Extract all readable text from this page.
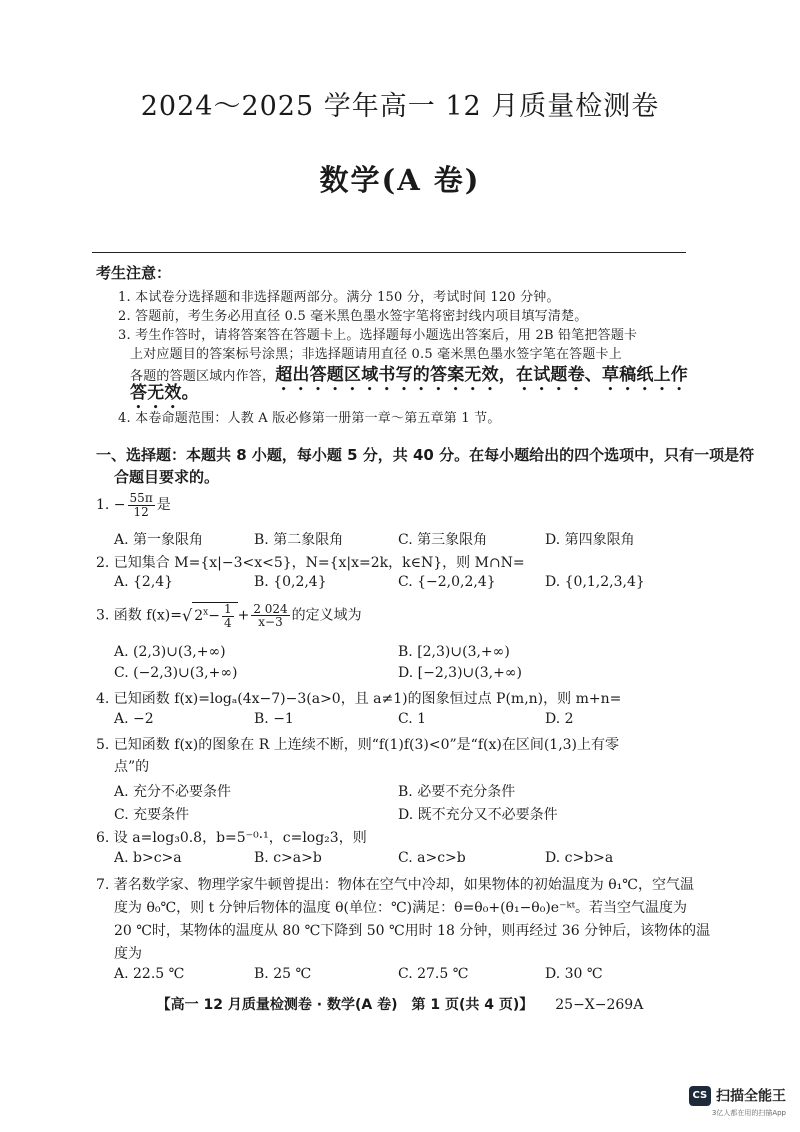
2024～2025 学年高一 12 月质量检测卷
数学(A 卷)
考生注意：
1. 本试卷分选择题和非选择题两部分。满分 150 分，考试时间 120 分钟。
2. 答题前，考生务必用直径 0.5 毫米黑色墨水签字笔将密封线内项目填写清楚。
3. 考生作答时，请将答案答在答题卡上。选择题每小题选出答案后，用 2B 铅笔把答题卡
上对应题目的答案标号涂黑；非选择题请用直径 0.5 毫米黑色墨水签字笔在答题卡上
各题的答题区域内作答，超出答题区域书写的答案无效，在试题卷、草稿纸上作
答无效。
4. 本卷命题范围：人教 A 版必修第一册第一章～第五章第 1 节。
一、选择题：本题共 8 小题，每小题 5 分，共 40 分。在每小题给出的四个选项中，只有一项是符
合题目要求的。
1. − $\frac{55\pi}{12}$ 是
A. 第一象限角	B. 第二象限角	C. 第三象限角	D. 第四象限角
2. 已知集合 M={x|−3<x<5}，N={x|x=2k，k∈N}，则 M∩N=
A. {2,4}	B. {0,2,4}	C. {−2,0,2,4}	D. {0,1,2,3,4}
3. 函数 f(x)=√ $2^x- \frac{1}{4} + \frac{2 024}{x-3}$ 的定义域为
A. (2,3)∪(3,+∞)	B. [2,3)∪(3,+∞)
C. (−2,3)∪(3,+∞)	D. [−2,3)∪(3,+∞)
4. 已知函数 f(x)=logₐ(4x−7)−3(a>0，且 a≠1)的图象恒过点 P(m,n)，则 m+n=
A. −2	B. −1	C. 1	D. 2
5. 已知函数 f(x)的图象在 R 上连续不断，则“f(1)f(3)<0”是“f(x)在区间(1,3)上有零
点”的
A. 充分不必要条件	B. 必要不充分条件
C. 充要条件	D. 既不充分又不必要条件
6. 设 a=log₃0.8，b=5⁻⁰·¹，c=log₂3，则
A. b>c>a	B. c>a>b	C. a>c>b	D. c>b>a
7. 著名数学家、物理学家牛顿曾提出：物体在空气中冷却，如果物体的初始温度为 θ₁℃，空气温
度为 θ₀℃，则 t 分钟后物体的温度 θ(单位：℃)满足：θ=θ₀+(θ₁−θ₀)e⁻ᵏᵗ。若当空气温度为
20 ℃时，某物体的温度从 80 ℃下降到 50 ℃用时 18 分钟，则再经过 36 分钟后，该物体的温
度为
A. 22.5 ℃	B. 25 ℃	C. 27.5 ℃	D. 30 ℃
【高一 12 月质量检测卷 · 数学(A 卷)　第 1 页(共 4 页)】 25−X−269A
CS 扫描全能王
3亿人都在用的扫描App
